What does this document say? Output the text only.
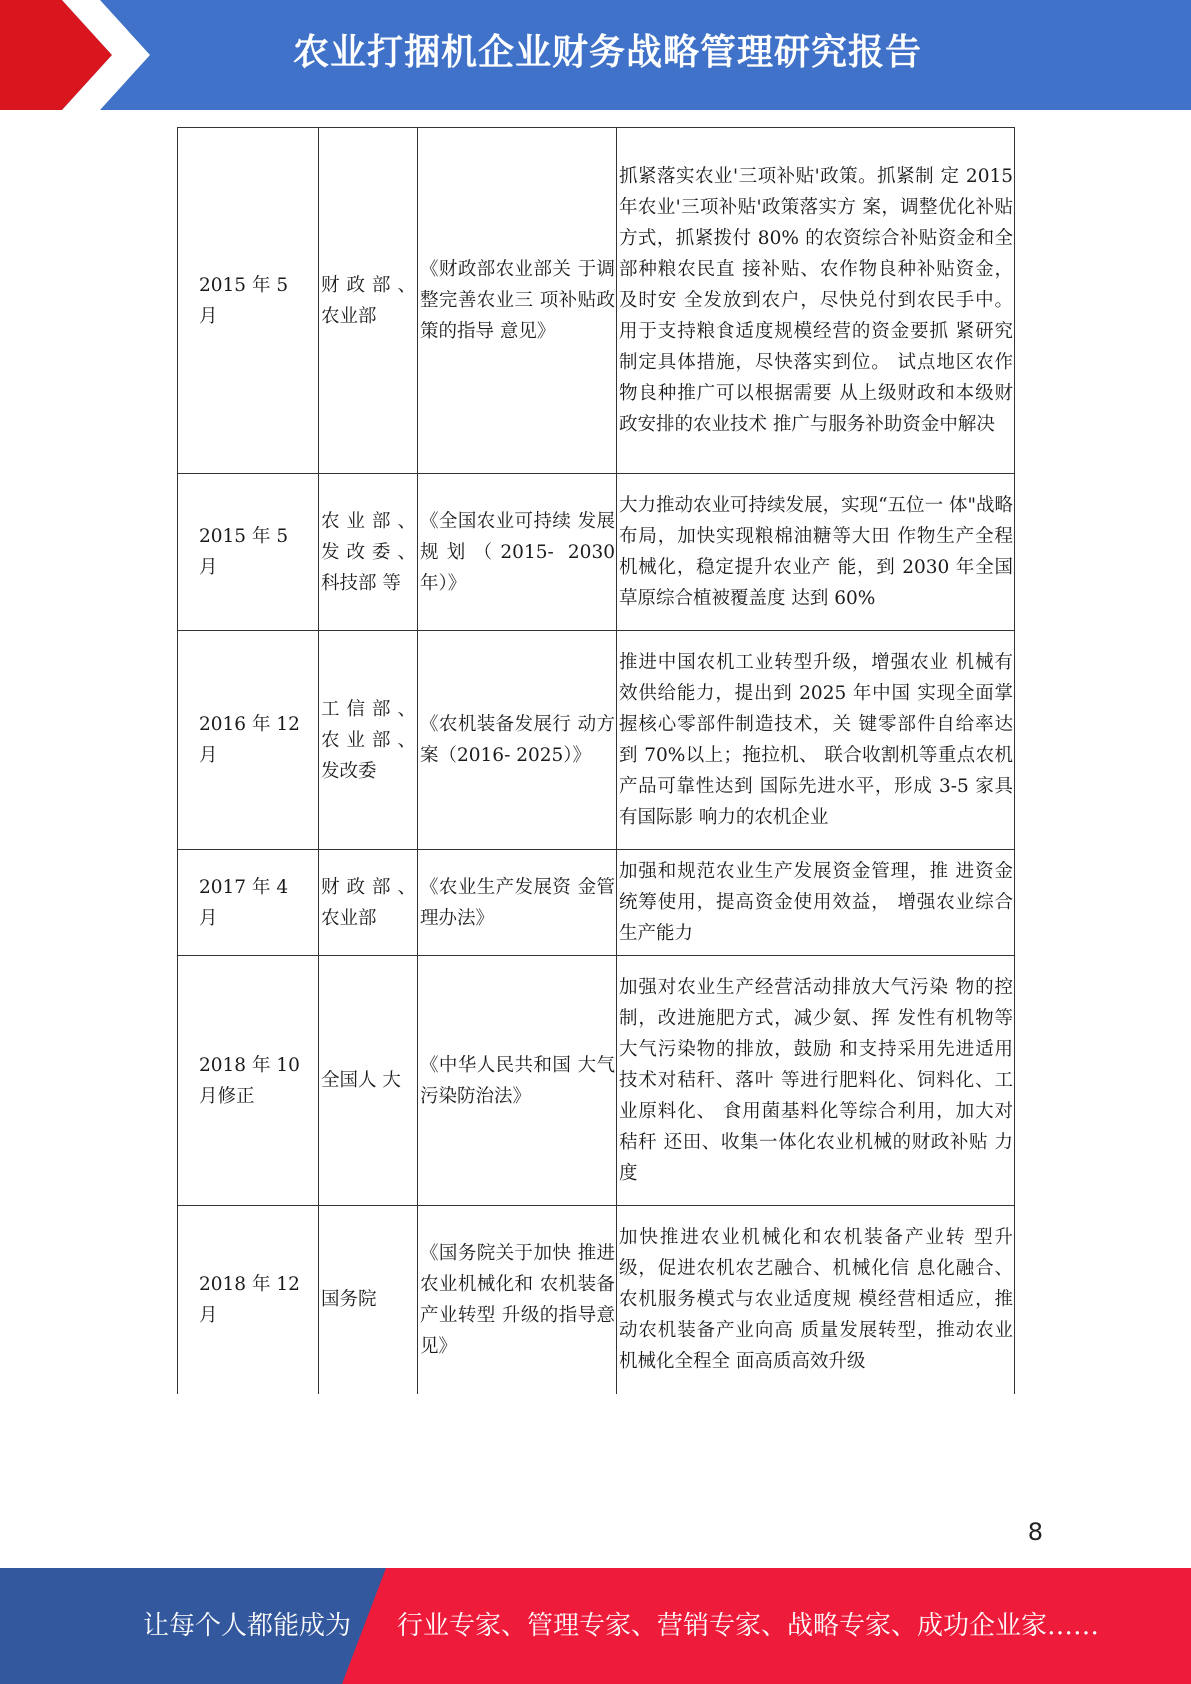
农业打捆机企业财务战略管理研究报告
2015 年 5 月	财 政 部 、 农业部	《财政部农业部关 于调整完善农业三 项补贴政策的指导 意见》	抓紧落实农业'三项补贴'政策。抓紧制 定 2015 年农业'三项补贴'政策落实方 案，调整优化补贴方式，抓紧拨付 80% 的农资综合补贴资金和全部种粮农民直 接补贴、农作物良种补贴资金，及时安 全发放到农户，尽快兑付到农民手中。 用于支持粮食适度规模经营的资金要抓 紧研究制定具体措施，尽快落实到位。 试点地区农作物良种推广可以根据需要 从上级财政和本级财政安排的农业技术 推广与服务补助资金中解决
2015 年 5 月	农 业 部 、 发 改 委 、 科技部 等	《全国农业可持续 发展规划（2015- 2030 年）》	大力推动农业可持续发展，实现“五位一 体"战略布局，加快实现粮棉油糖等大田 作物生产全程机械化，稳定提升农业产 能，到 2030 年全国草原综合植被覆盖度 达到 60%
2016 年 12 月	工 信 部 、 农 业 部 、 发改委	《农机装备发展行 动方案（2016- 2025）》	推进中国农机工业转型升级，增强农业 机械有效供给能力，提出到 2025 年中国 实现全面掌握核心零部件制造技术，关 键零部件自给率达到 70%以上；拖拉机、 联合收割机等重点农机产品可靠性达到 国际先进水平，形成 3-5 家具有国际影 响力的农机企业
2017 年 4 月	财 政 部 、 农业部	《农业生产发展资 金管理办法》	加强和规范农业生产发展资金管理，推 进资金统筹使用，提高资金使用效益， 增强农业综合生产能力
2018 年 10 月修正	全国人 大	《中华人民共和国 大气污染防治法》	加强对农业生产经营活动排放大气污染 物的控制，改进施肥方式，减少氨、挥 发性有机物等大气污染物的排放，鼓励 和支持采用先进适用技术对秸秆、落叶 等进行肥料化、饲料化、工业原料化、 食用菌基料化等综合利用，加大对秸秆 还田、收集一体化农业机械的财政补贴 力度
2018 年 12 月	国务院	《国务院关于加快 推进农业机械化和 农机装备产业转型 升级的指导意见》	加快推进农业机械化和农机装备产业转 型升级，促进农机农艺融合、机械化信 息化融合、农机服务模式与农业适度规 模经营相适应，推动农机装备产业向高 质量发展转型，推动农业机械化全程全 面高质高效升级
8
让每个人都能成为 行业专家、管理专家、营销专家、战略专家、成功企业家……
